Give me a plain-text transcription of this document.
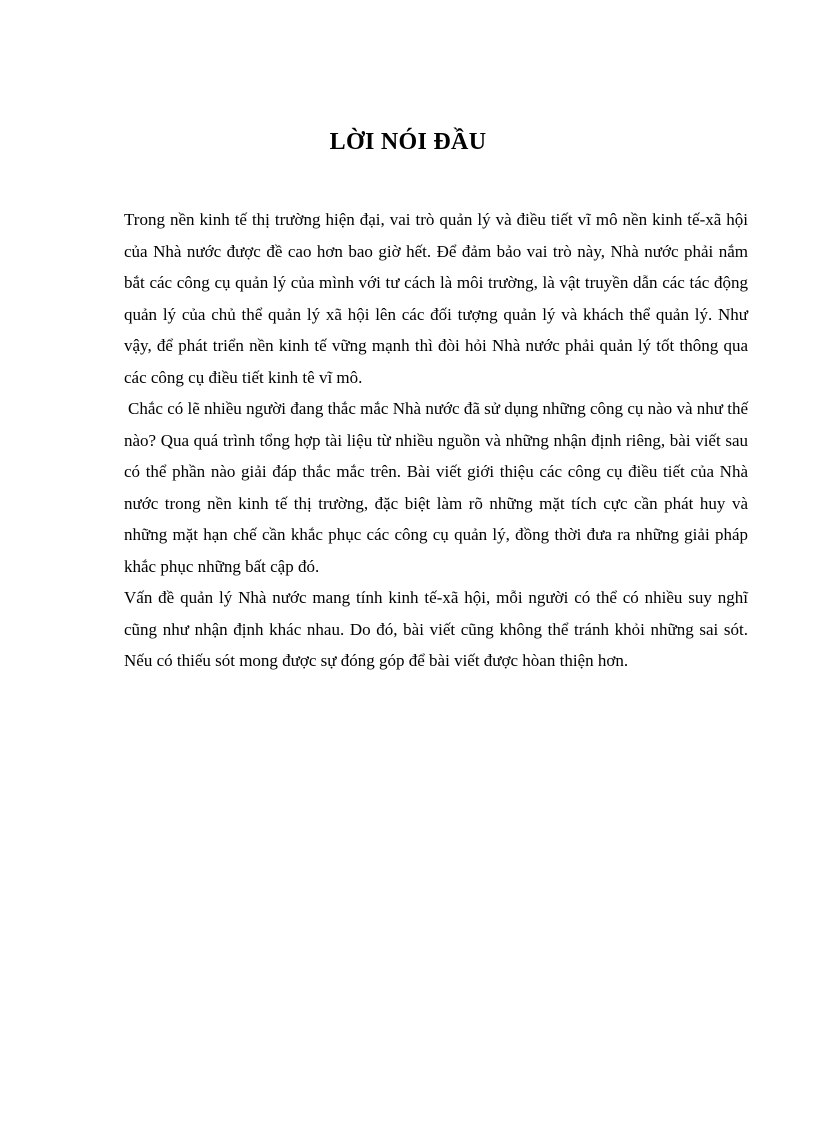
LỜI NÓI ĐẦU

Trong nền kinh tế thị trường hiện đại, vai trò quản lý và điều tiết vĩ mô nền kinh tế-xã hội của Nhà nước được đề cao hơn bao giờ hết. Để đảm bảo vai trò này, Nhà nước phải nắm bắt các công cụ quản lý của mình với tư cách là môi trường, là vật truyền dẫn các tác động quản lý của chủ thể quản lý xã hội lên các đối tượng quản lý và khách thể quản lý. Như vậy, để phát triển nền kinh tế vững mạnh thì đòi hỏi Nhà nước phải quản lý tốt thông qua các công cụ điều tiết kinh tê vĩ mô.

Chắc có lẽ nhiều người đang thắc mắc Nhà nước đã sử dụng những công cụ nào và như thế nào? Qua quá trình tổng hợp tài liệu từ nhiều nguồn và những nhận định riêng, bài viết sau có thể phần nào giải đáp thắc mắc trên. Bài viết giới thiệu các công cụ điều tiết của Nhà nước trong nền kinh tế thị trường, đặc biệt làm rõ những mặt tích cực cần phát huy và những mặt hạn chế cần khắc phục các công cụ quản lý, đồng thời đưa ra những giải pháp khắc phục những bất cập đó.

Vấn đề quản lý Nhà nước mang tính kinh tế-xã hội, mỗi người có thể có nhiều suy nghĩ cũng như nhận định khác nhau. Do đó, bài viết cũng không thể tránh khỏi những sai sót. Nếu có thiếu sót mong được sự đóng góp để bài viết được hòan thiện hơn.
